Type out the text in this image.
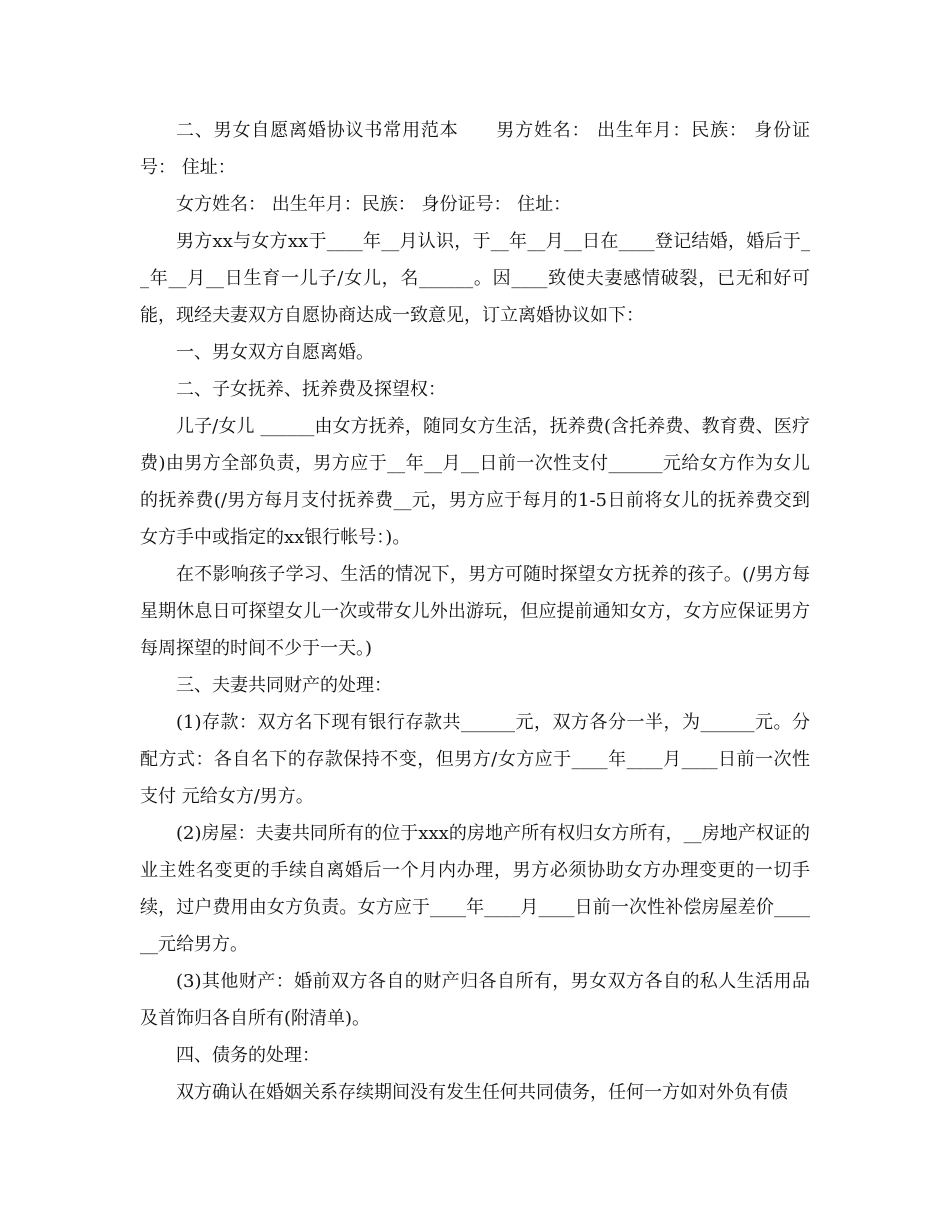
二、男女自愿离婚协议书常用范本　　男方姓名： 出生年月：民族： 身份证号： 住址：

女方姓名： 出生年月：民族： 身份证号： 住址：

男方xx与女方xx于____年__月认识，于__年__月__日在____登记结婚，婚后于__年__月__日生育一儿子/女儿，名______。因____致使夫妻感情破裂，已无和好可能，现经夫妻双方自愿协商达成一致意见，订立离婚协议如下：

一、男女双方自愿离婚。

二、子女抚养、抚养费及探望权：

儿子/女儿 ______由女方抚养，随同女方生活，抚养费(含托养费、教育费、医疗费)由男方全部负责，男方应于__年__月__日前一次性支付______元给女方作为女儿的抚养费(/男方每月支付抚养费__元，男方应于每月的1-5日前将女儿的抚养费交到女方手中或指定的xx银行帐号：)。

在不影响孩子学习、生活的情况下，男方可随时探望女方抚养的孩子。(/男方每星期休息日可探望女儿一次或带女儿外出游玩，但应提前通知女方，女方应保证男方每周探望的时间不少于一天。)

三、夫妻共同财产的处理：

(1)存款：双方名下现有银行存款共______元，双方各分一半，为______元。分配方式：各自名下的存款保持不变，但男方/女方应于____年____月____日前一次性支付 元给女方/男方。

(2)房屋：夫妻共同所有的位于xxx的房地产所有权归女方所有，__房地产权证的业主姓名变更的手续自离婚后一个月内办理，男方必须协助女方办理变更的一切手续，过户费用由女方负责。女方应于____年____月____日前一次性补偿房屋差价______元给男方。

(3)其他财产：婚前双方各自的财产归各自所有，男女双方各自的私人生活用品及首饰归各自所有(附清单)。

四、债务的处理：

双方确认在婚姻关系存续期间没有发生任何共同债务，任何一方如对外负有债
